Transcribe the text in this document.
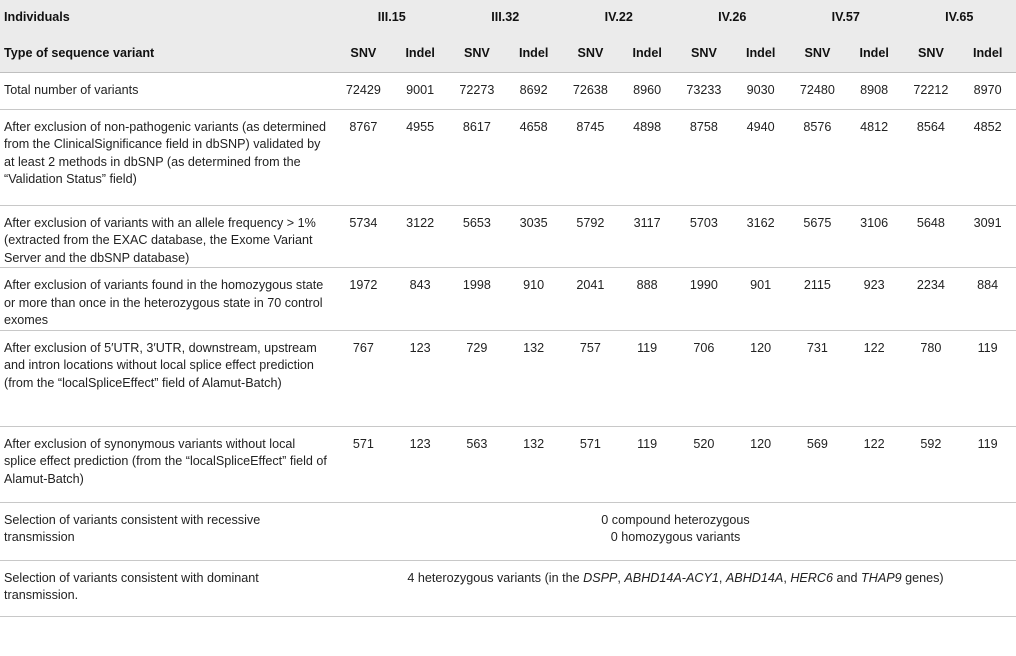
Individuals	III.15		III.32		IV.22		IV.26		IV.57		IV.65	
Type of sequence variant	SNV	Indel	SNV	Indel	SNV	Indel	SNV	Indel	SNV	Indel	SNV	Indel
Total number of variants	72429	9001	72273	8692	72638	8960	73233	9030	72480	8908	72212	8970
After exclusion of non-pathogenic variants (as determined from the ClinicalSignificance field in dbSNP) validated by at least 2 methods in dbSNP (as determined from the “Validation Status” field)	8767	4955	8617	4658	8745	4898	8758	4940	8576	4812	8564	4852
After exclusion of variants with an allele frequency > 1% (extracted from the EXAC database, the Exome Variant Server and the dbSNP database)	5734	3122	5653	3035	5792	3117	5703	3162	5675	3106	5648	3091
After exclusion of variants found in the homozygous state or more than once in the heterozygous state in 70 control exomes	1972	843	1998	910	2041	888	1990	901	2115	923	2234	884
After exclusion of 5′UTR, 3′UTR, downstream, upstream and intron locations without local splice effect prediction (from the “localSpliceEffect” field of Alamut-Batch)	767	123	729	132	757	119	706	120	731	122	780	119
After exclusion of synonymous variants without local splice effect prediction (from the “localSpliceEffect” field of Alamut-Batch)	571	123	563	132	571	119	520	120	569	122	592	119
Selection of variants consistent with recessive transmission	0 compound heterozygous
0 homozygous variants											

Selection of variants consistent with dominant transmission.	4 heterozygous variants (in the DSPP, ABHD14A-ACY1, ABHD14A, HERC6 and THAP9 genes)											
